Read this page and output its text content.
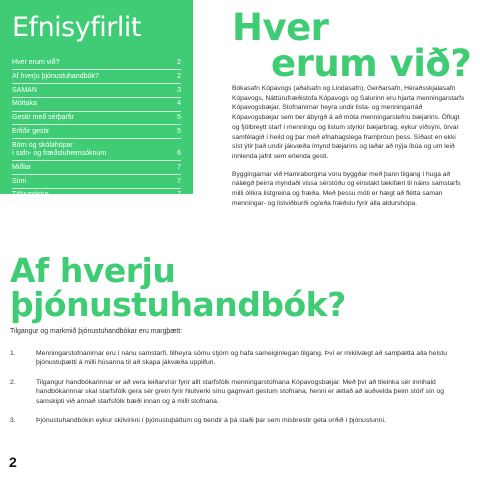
Efnisyfirlit
Hver erum við?	2
Af hverju þjónustuhandbók?	2
SAMAN	3
Móttaka	4
Gestir með sérþarfir	5
Erfiðir gestir	5
Börn og skólahópar
í safn- og fræðsluheimsóknum	6
Miðlar	7
Sími	7
Tölvupóstur	7
Hver
erum við?

Bókasafn Kópavogs (aðalsafn og Lindasafn), Gerðarsafn, Héraðsskjalasafn Kópavogs, Náttúrufræðistofa Kópavogs og Salurinn eru hjarta menningarstarfs Kópavogsbæjar. Stofnanirnar heyra undir lista- og menningarráð Kópavogsbæjar sem ber ábyrgð á að móta menningarstefnu bæjarins. Öflugt og fjölbreytt starf í menningu og listum styrkir bæjarbrag, eykur víðsýni, örvar samfélagið í heild og þar með efnahagslega framþróun þess. Síðast en ekki síst ýtir það undir jákvæða ímynd bæjarins og laðar að nýja íbúa og um leið innlenda jafnt sem erlenda gesti.

Byggingarnar við Hamraborgina voru byggðar með þann tilgang í huga að nálægð þeirra myndaði vissa sérstöðu og einstakt tækifæri til náins samstarfs milli ólíkra listgreina og fræða. Með þessu móti er hægt að flétta saman menningar- og listviðburði og/eða fræðslu fyrir alla aldurshópa.

Af hverju
þjónustuhandbók?
Tilgangur og markmið þjónustuhandbókar eru margþætt:
1.	Menningarstofnanirnar eru í nánu samstarfi, tilheyra sömu stjórn og hafa sameiginlegan tilgang. Því er mikilvægt að samþætta alla helstu þjónustuþætti á milli húsanna til að skapa jákvæða upplifun.
2.	Tilgangur handbókarinnar er að vera leiðarvísir fyrir allt starfsfólk menningarstofnana Kópavogsbæjar. Með því að tileinka sér innihald handbókarinnar skal starfsfólk gera sér grein fyrir hlutverki sínu gagnvart gestum stofnana, henni er ætlað að auðvelda þeim störf sín og samskipti við annað starfsfólk bæði innan og á milli stofnana.
3.	Þjónustuhandbókin eykur skilvirkni í þjónustuþáttum og bendir á þá staði þar sem misbrestir geta orðið í þjónustunni.
2
